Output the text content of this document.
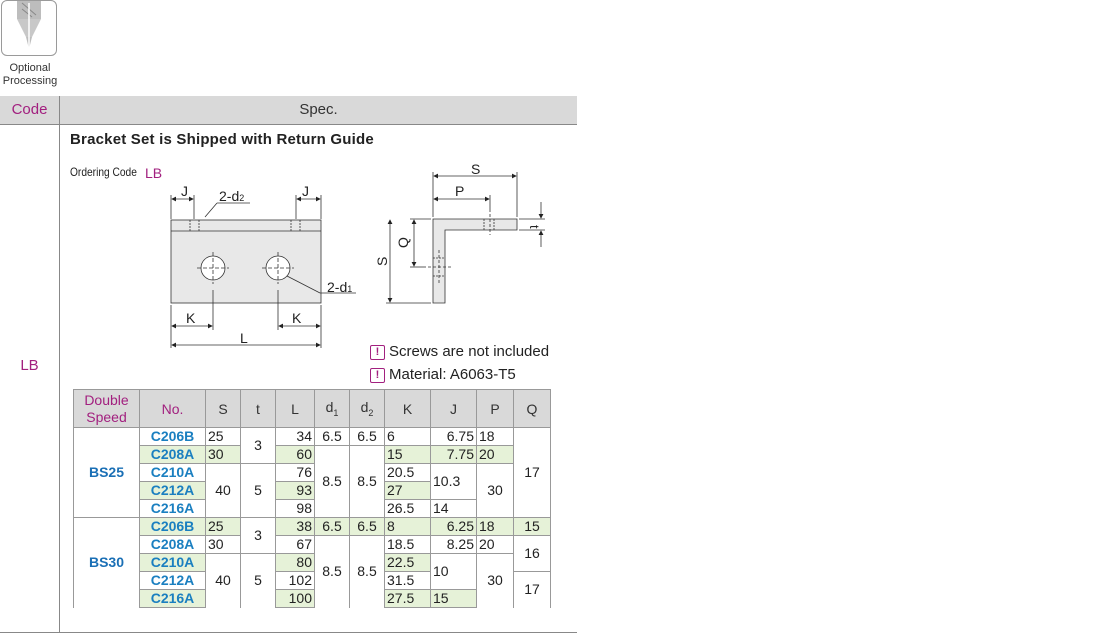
Optional
Processing
Code	Spec.
LB
Bracket Set is Shipped with Return Guide
Ordering Code LB
J	J
2-d2
2-d1
K	K
L
S
P
t
Q
S
! Screws are not included
! Material: A6063-T5
Double
Speed	No.	S	t	L	$d_1$	$d_2$	K	J	P	Q
BS25	C206B	25	3	34	6.5	6.5	6	6.75	18	17
	C208A	30		60	8.5	8.5	15	7.75	20	
	C210A	40	5	76			20.5	10.3	30	
	C212A			93			27			
	C216A			98			26.5	14		
BS30	C206B	25	3	38	6.5	6.5	8	6.25	18	15
	C208A	30		67	8.5	8.5	18.5	8.25	20	16
	C210A	40	5	80			22.5	10	30	
	C212A			102			31.5			17
	C216A			100			27.5	15		
